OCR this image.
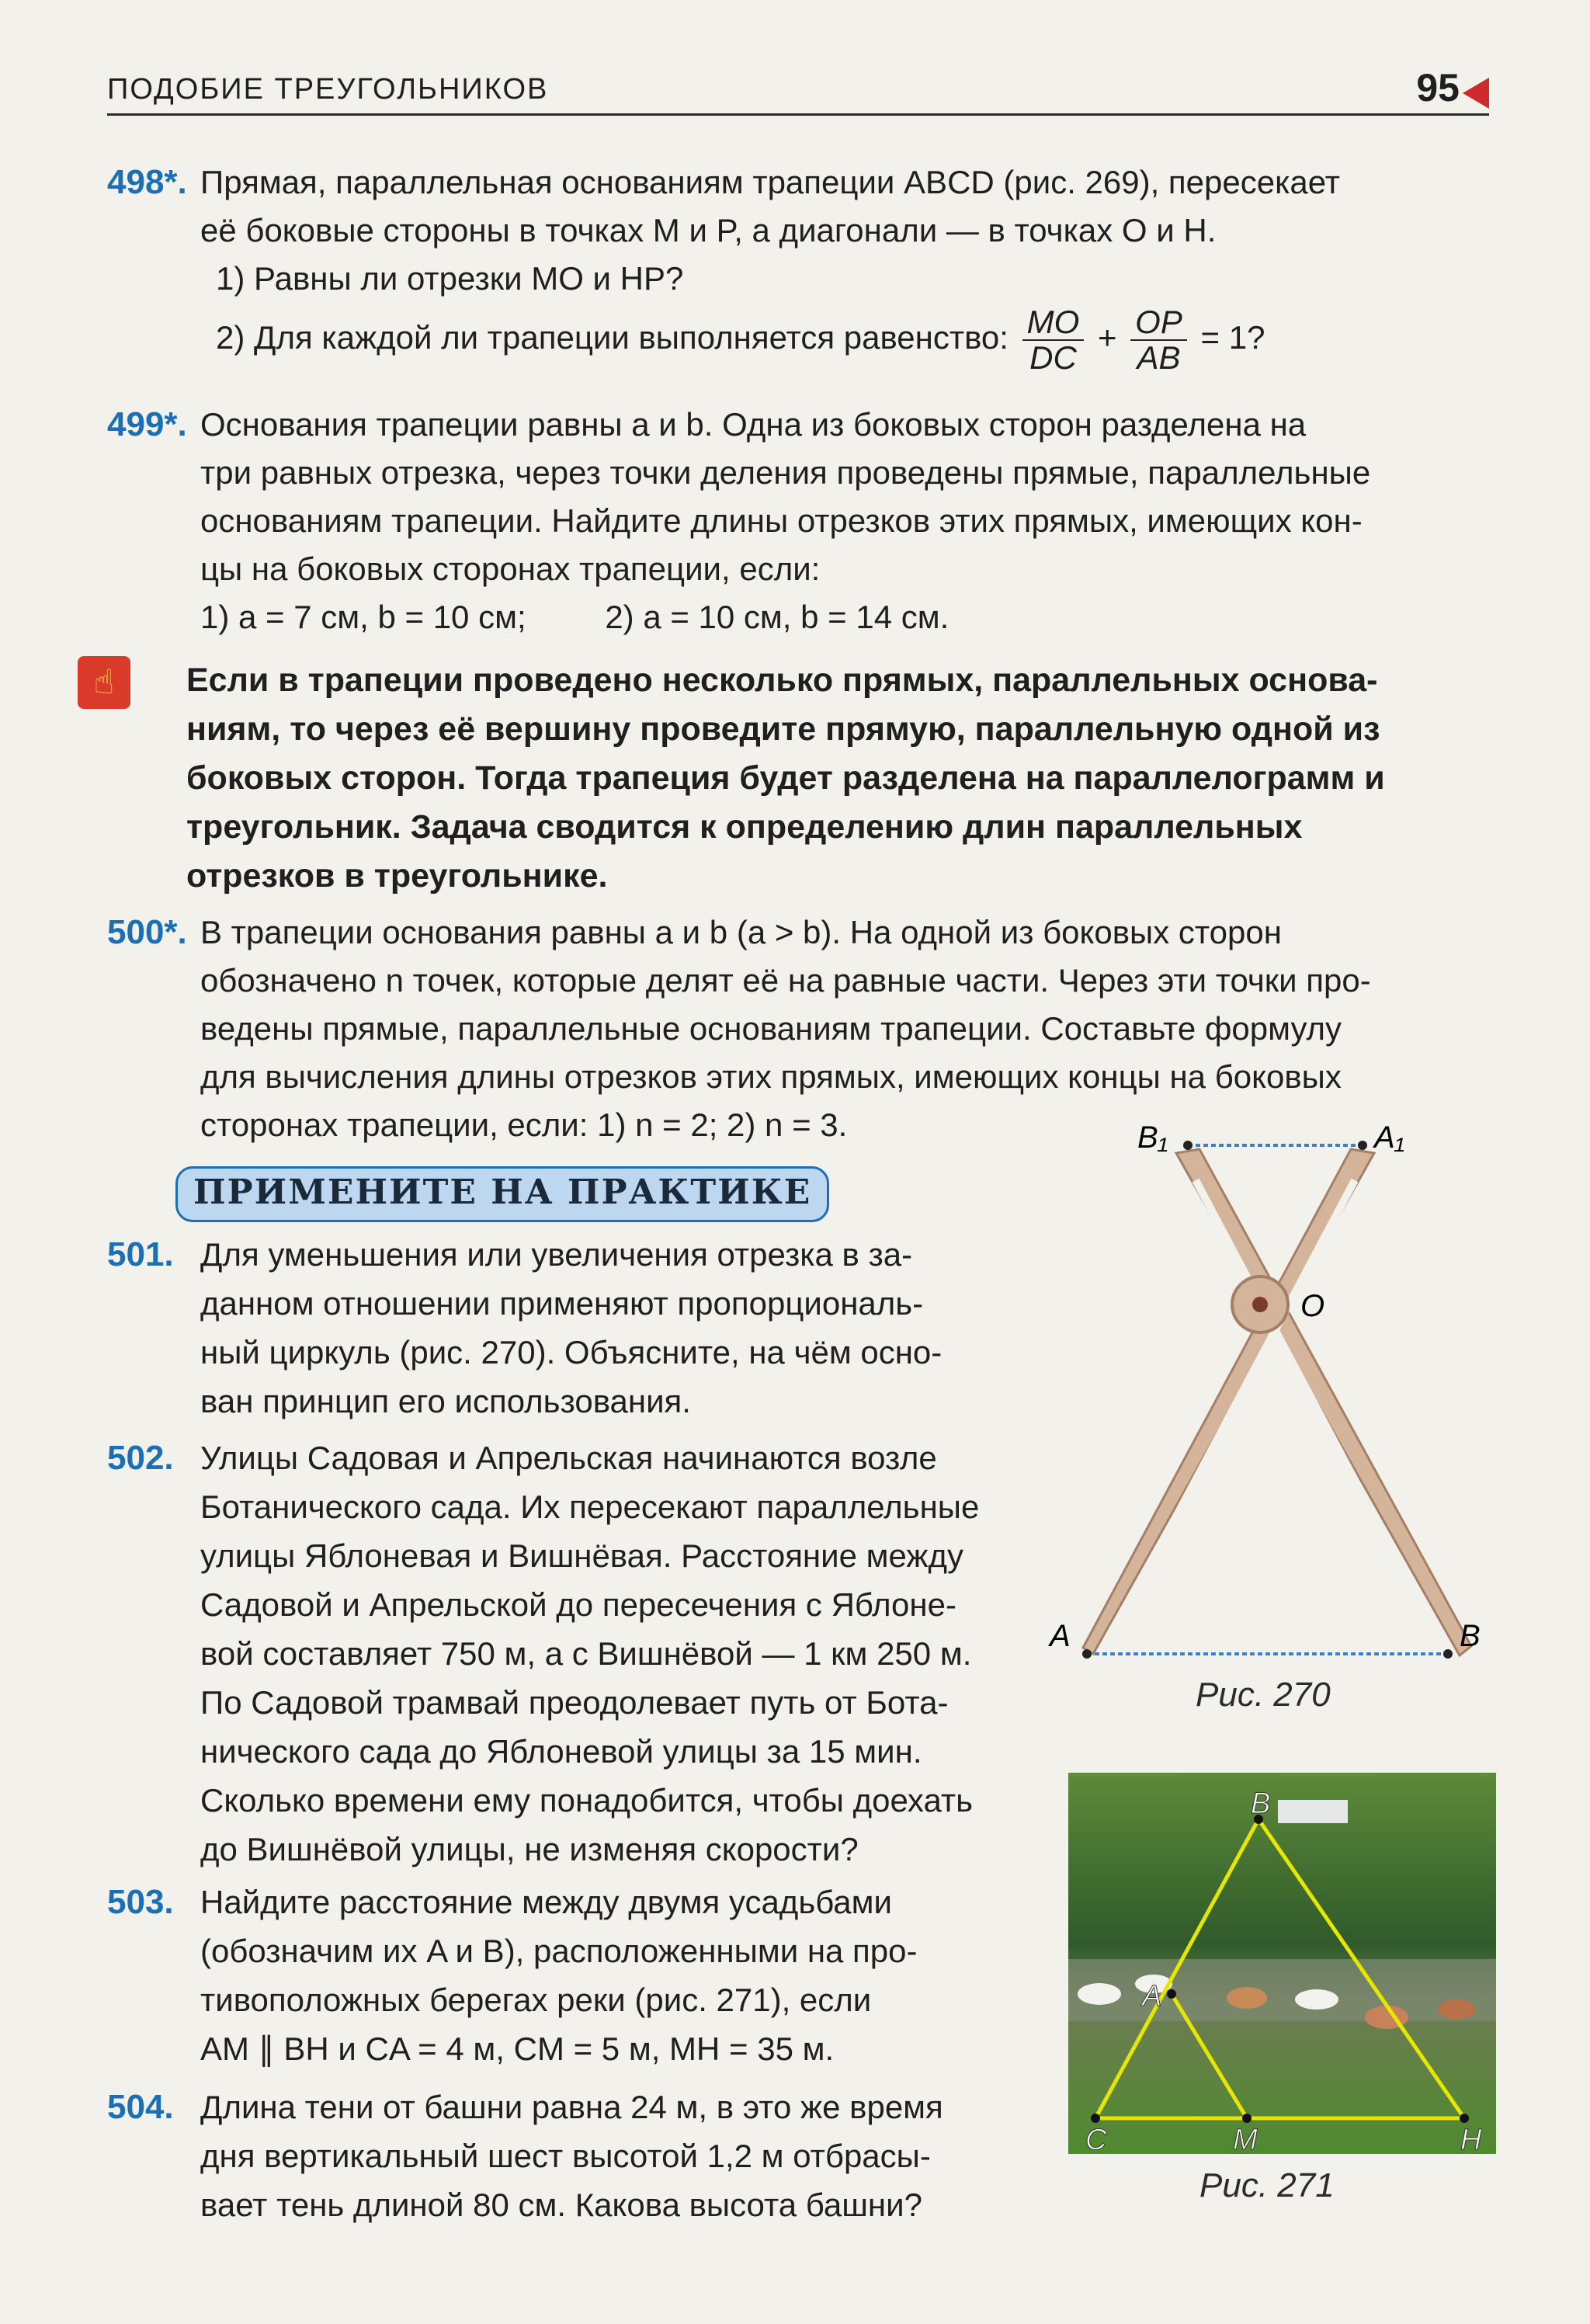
ПОДОБИЕ ТРЕУГОЛЬНИКОВ	95
498*. Прямая, параллельная основаниям трапеции ABCD (рис. 269), пересекает
её боковые стороны в точках M и P, а диагонали — в точках O и H.
1) Равны ли отрезки MO и HP?
2) Для каждой ли трапеции выполняется равенство: $\frac{MO}{DC} + \frac{OP}{AB} = 1$?
499*. Основания трапеции равны a и b. Одна из боковых сторон разделена на
три равных отрезка, через точки деления проведены прямые, параллельные
основаниям трапеции. Найдите длины отрезков этих прямых, имеющих кон-
цы на боковых сторонах трапеции, если:
1) a = 7 см, b = 10 см; 2) a = 10 см, b = 14 см.
☝	Если в трапеции проведено несколько прямых, параллельных основа-
ниям, то через её вершину проведите прямую, параллельную одной из
боковых сторон. Тогда трапеция будет разделена на параллелограмм и
треугольник. Задача сводится к определению длин параллельных
отрезков в треугольнике.
500*. В трапеции основания равны a и b (a > b). На одной из боковых сторон
обозначено n точек, которые делят её на равные части. Через эти точки про-
ведены прямые, параллельные основаниям трапеции. Составьте формулу
для вычисления длины отрезков этих прямых, имеющих концы на боковых
сторонах трапеции, если: 1) n = 2; 2) n = 3.
ПРИМЕНИТЕ НА ПРАКТИКЕ
501. Для уменьшения или увеличения отрезка в за-
данном отношении применяют пропорциональ-
ный циркуль (рис. 270). Объясните, на чём осно-
ван принцип его использования.
502. Улицы Садовая и Апрельская начинаются возле
Ботанического сада. Их пересекают параллельные
улицы Яблоневая и Вишнёвая. Расстояние между
Садовой и Апрельской до пересечения с Яблоне-
вой составляет 750 м, а с Вишнёвой — 1 км 250 м.
По Садовой трамвай преодолевает путь от Бота-
нического сада до Яблоневой улицы за 15 мин.
Сколько времени ему понадобится, чтобы доехать
до Вишнёвой улицы, не изменяя скорости?
503. Найдите расстояние между двумя усадьбами
(обозначим их A и B), расположенными на про-
тивоположных берегах реки (рис. 271), если
AM ∥ BH и CA = 4 м, CM = 5 м, MH = 35 м.
504. Длина тени от башни равна 24 м, в это же время
дня вертикальный шест высотой 1,2 м отбрасы-
вает тень длиной 80 см. Какова высота башни?
B₁	A₁
O
A	B
Рис. 270
B
A
C	M	H
Рис. 271
